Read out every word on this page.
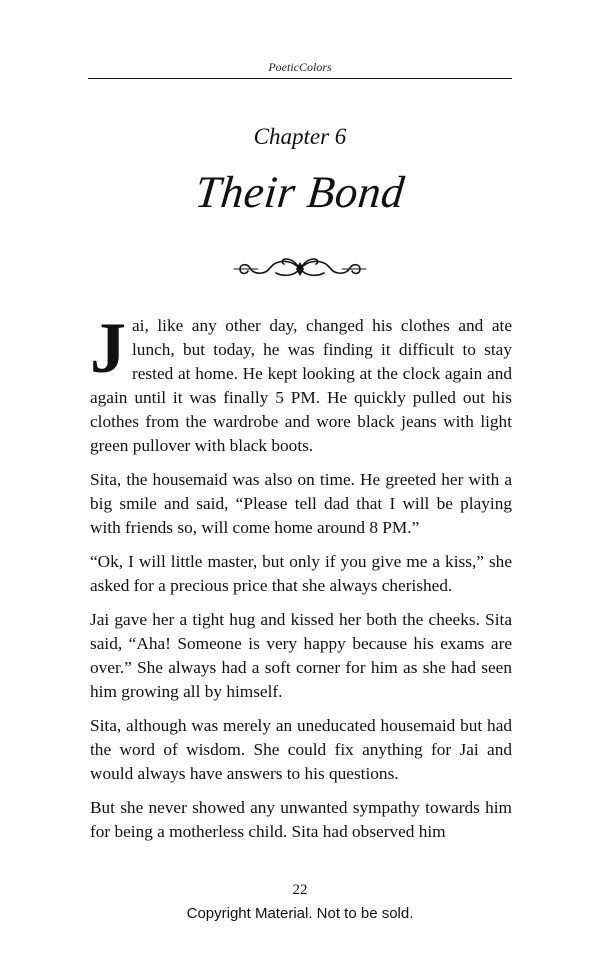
PoeticColors
Chapter 6
Their Bond

Jai, like any other day, changed his clothes and ate lunch, but today, he was finding it difficult to stay rested at home. He kept looking at the clock again and again until it was finally 5 PM. He quickly pulled out his clothes from the wardrobe and wore black jeans with light green pullover with black boots.

Sita, the housemaid was also on time. He greeted her with a big smile and said, “Please tell dad that I will be playing with friends so, will come home around 8 PM.”

“Ok, I will little master, but only if you give me a kiss,” she asked for a precious price that she always cherished.

Jai gave her a tight hug and kissed her both the cheeks. Sita said, “Aha! Someone is very happy because his exams are over.” She always had a soft corner for him as she had seen him growing all by himself.

Sita, although was merely an uneducated housemaid but had the word of wisdom. She could fix anything for Jai and would always have answers to his questions.

But she never showed any unwanted sympathy towards him for being a motherless child. Sita had observed him

22
Copyright Material. Not to be sold.
